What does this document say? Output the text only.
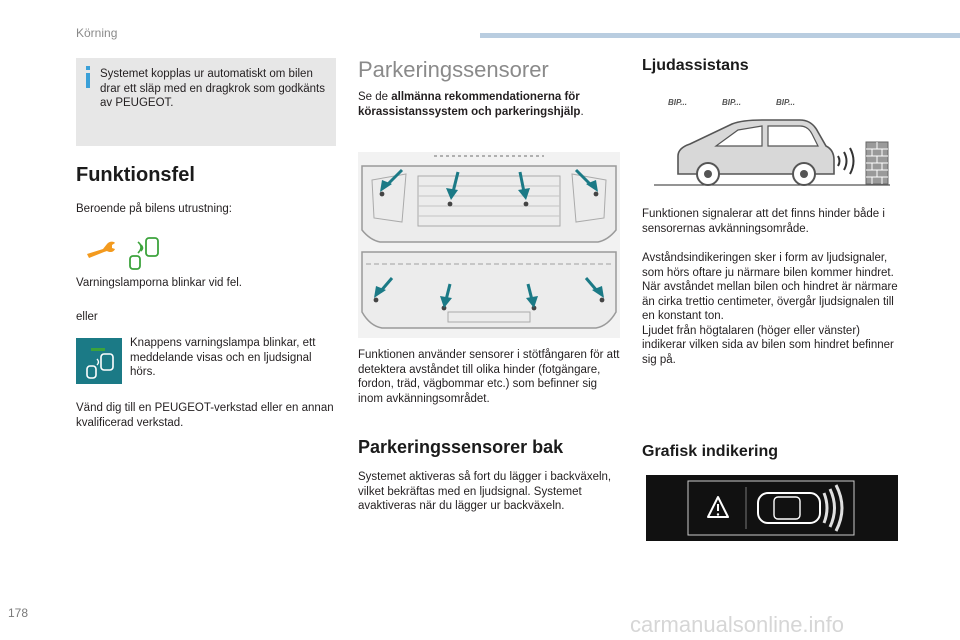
Körning
Systemet kopplas ur automatiskt om bilen drar ett släp med en dragkrok som godkänts av PEUGEOT.
Funktionsfel
Beroende på bilens utrustning:
Varningslamporna blinkar vid fel.
eller
Knappens varningslampa blinkar, ett meddelande visas och en ljudsignal hörs.
Vänd dig till en PEUGEOT-verkstad eller en annan kvalificerad verkstad.
Parkeringssensorer
Se de allmänna rekommendationerna för körassistanssystem och parkeringshjälp.
Funktionen använder sensorer i stötfångaren för att detektera avståndet till olika hinder (fotgängare, fordon, träd, vägbommar etc.) som befinner sig inom avkänningsområdet.
Parkeringssensorer bak
Systemet aktiveras så fort du lägger i backväxeln, vilket bekräftas med en ljudsignal. Systemet avaktiveras när du lägger ur backväxeln.
Ljudassistans
BIP...	BIP...	BIP...
Funktionen signalerar att det finns hinder både i sensorernas avkänningsområde.
Avståndsindikeringen sker i form av ljudsignaler, som hörs oftare ju närmare bilen kommer hindret.
När avståndet mellan bilen och hindret är närmare än cirka trettio centimeter, övergår ljudsignalen till en konstant ton.
Ljudet från högtalaren (höger eller vänster) indikerar vilken sida av bilen som hindret befinner sig på.
Grafisk indikering
178	carmanualsonline.info
